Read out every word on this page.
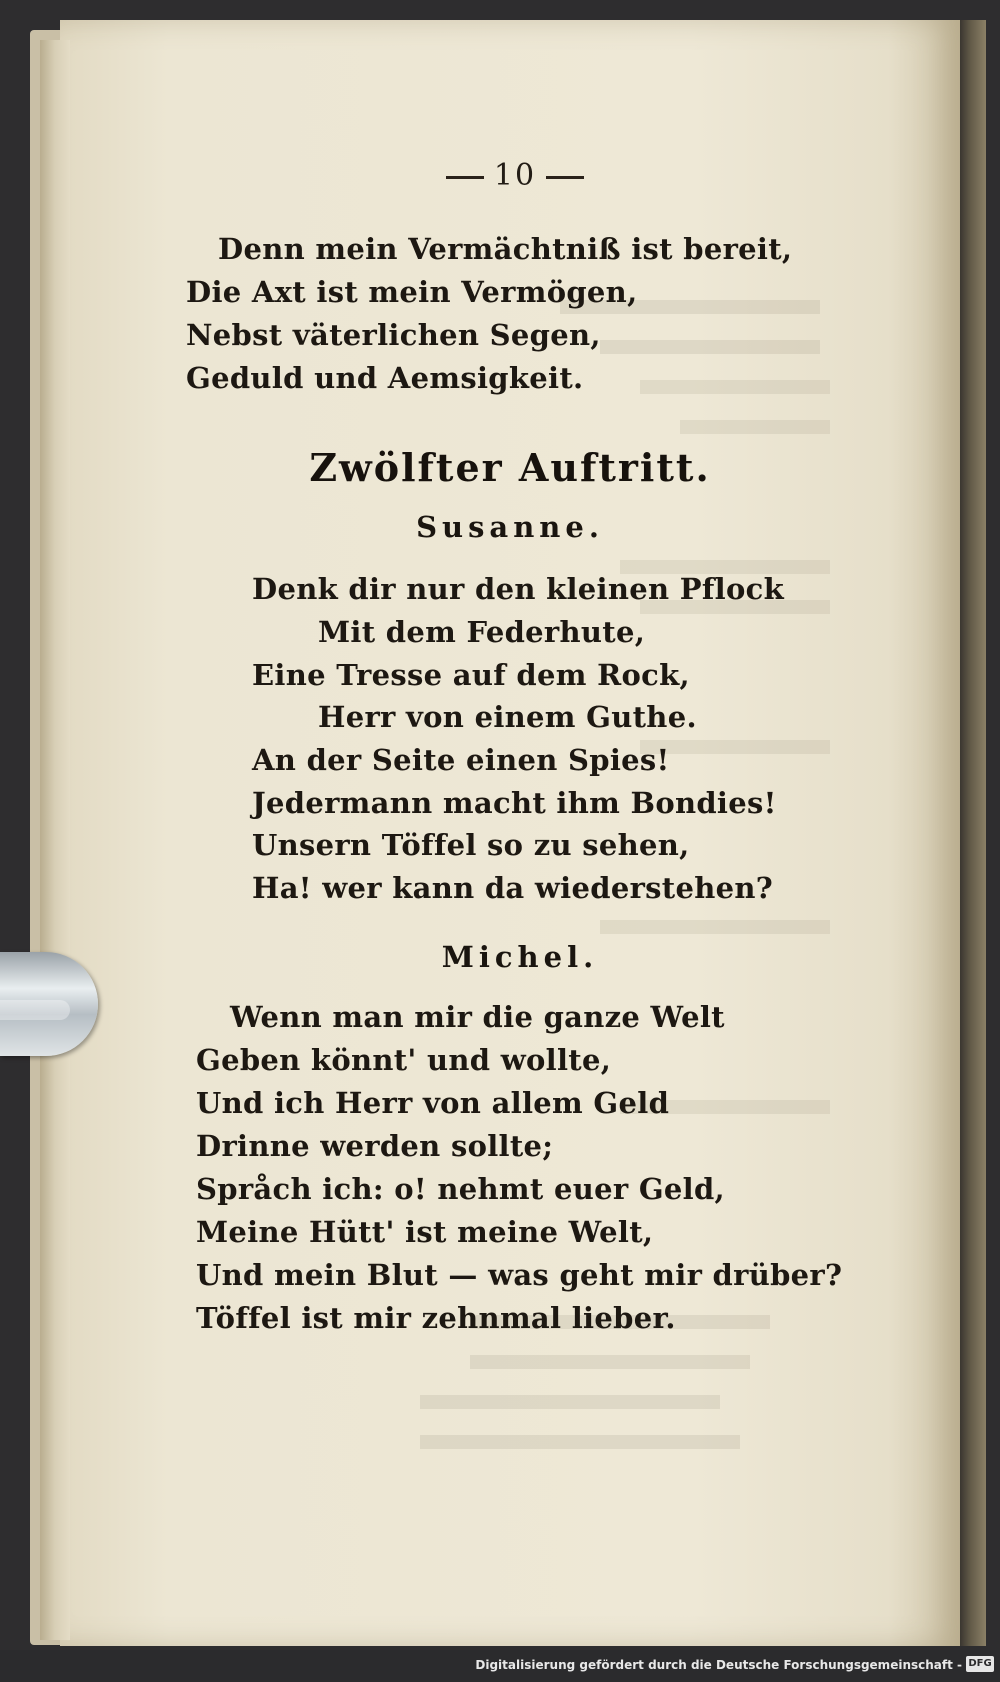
10
Denn mein Vermächtniß ist bereit,
Die Axt ist mein Vermögen,
Nebst väterlichen Segen,
Geduld und Aemsigkeit.
Zwölfter Auftritt.
Susanne.
Denk dir nur den kleinen Pflock
Mit dem Federhute,
Eine Tresse auf dem Rock,
Herr von einem Guthe.
An der Seite einen Spies!
Jedermann macht ihm Bondies!
Unsern Töffel so zu sehen,
Ha! wer kann da wiederstehen?
Michel.
Wenn man mir die ganze Welt
Geben könnt' und wollte,
Und ich Herr von allem Geld
Drinne werden sollte;
Språch ich: o! nehmt euer Geld,
Meine Hütt' ist meine Welt,
Und mein Blut — was geht mir drüber?
Töffel ist mir zehnmal lieber.
Digitalisierung gefördert durch die Deutsche Forschungsgemeinschaft - DFG
